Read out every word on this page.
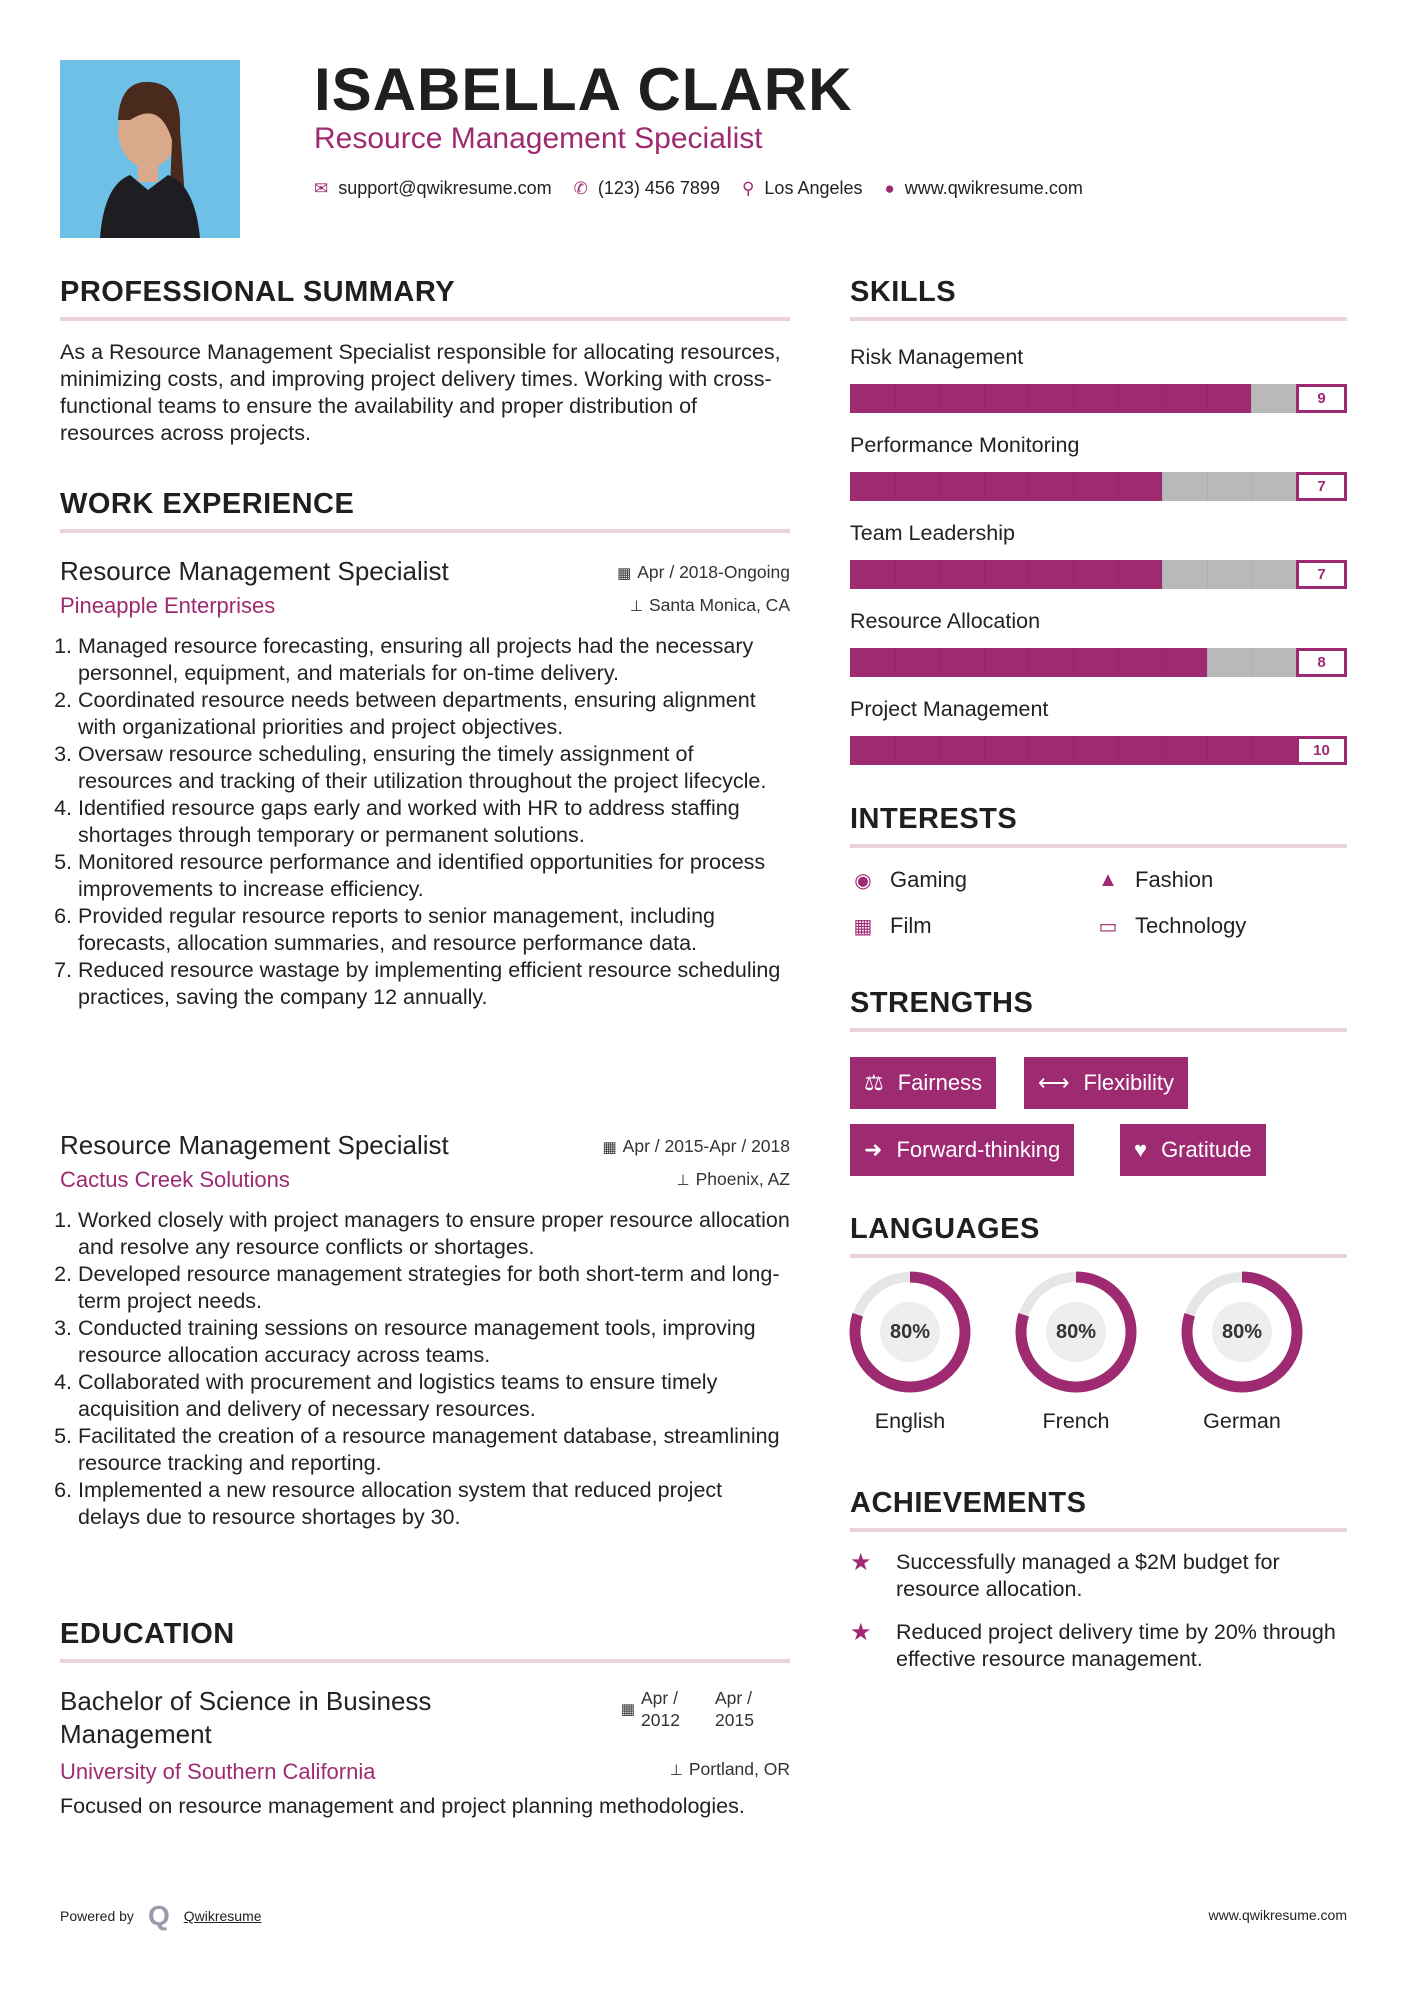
ISABELLA CLARK
Resource Management Specialist
✉ support@qwikresume.com ✆ (123) 456 7899 ⚲ Los Angeles ● www.qwikresume.com
PROFESSIONAL SUMMARY
As a Resource Management Specialist responsible for allocating resources, minimizing costs, and improving project delivery times. Working with cross-functional teams to ensure the availability and proper distribution of resources across projects.
WORK EXPERIENCE
Resource Management Specialist	▦ Apr / 2018-Ongoing
Pineapple Enterprises	⊥ Santa Monica, CA
1. Managed resource forecasting, ensuring all projects had the necessary personnel, equipment, and materials for on-time delivery.
2. Coordinated resource needs between departments, ensuring alignment with organizational priorities and project objectives.
3. Oversaw resource scheduling, ensuring the timely assignment of resources and tracking of their utilization throughout the project lifecycle.
4. Identified resource gaps early and worked with HR to address staffing shortages through temporary or permanent solutions.
5. Monitored resource performance and identified opportunities for process improvements to increase efficiency.
6. Provided regular resource reports to senior management, including forecasts, allocation summaries, and resource performance data.
7. Reduced resource wastage by implementing efficient resource scheduling practices, saving the company 12 annually.
Resource Management Specialist	▦ Apr / 2015-Apr / 2018
Cactus Creek Solutions	⊥ Phoenix, AZ
1. Worked closely with project managers to ensure proper resource allocation and resolve any resource conflicts or shortages.
2. Developed resource management strategies for both short-term and long-term project needs.
3. Conducted training sessions on resource management tools, improving resource allocation accuracy across teams.
4. Collaborated with procurement and logistics teams to ensure timely acquisition and delivery of necessary resources.
5. Facilitated the creation of a resource management database, streamlining resource tracking and reporting.
6. Implemented a new resource allocation system that reduced project delays due to resource shortages by 30.
EDUCATION
Bachelor of Science in Business Management
▦
Apr / 2012
Apr / 2015
University of Southern California	⊥ Portland, OR
Focused on resource management and project planning methodologies.
SKILLS
Risk Management
9
Performance Monitoring
7
Team Leadership
7
Resource Allocation
8
Project Management
10
INTERESTS
◉ Gaming	▲ Fashion
▦ Film	▭ Technology
STRENGTHS
⚖ Fairness	⟷ Flexibility
➜ Forward-thinking	♥ Gratitude
LANGUAGES
80%
English
80%
French
80%
German
ACHIEVEMENTS
★	Successfully managed a $2M budget for resource allocation.
★	Reduced project delivery time by 20% through effective resource management.
Powered by Q Qwikresume	www.qwikresume.com
